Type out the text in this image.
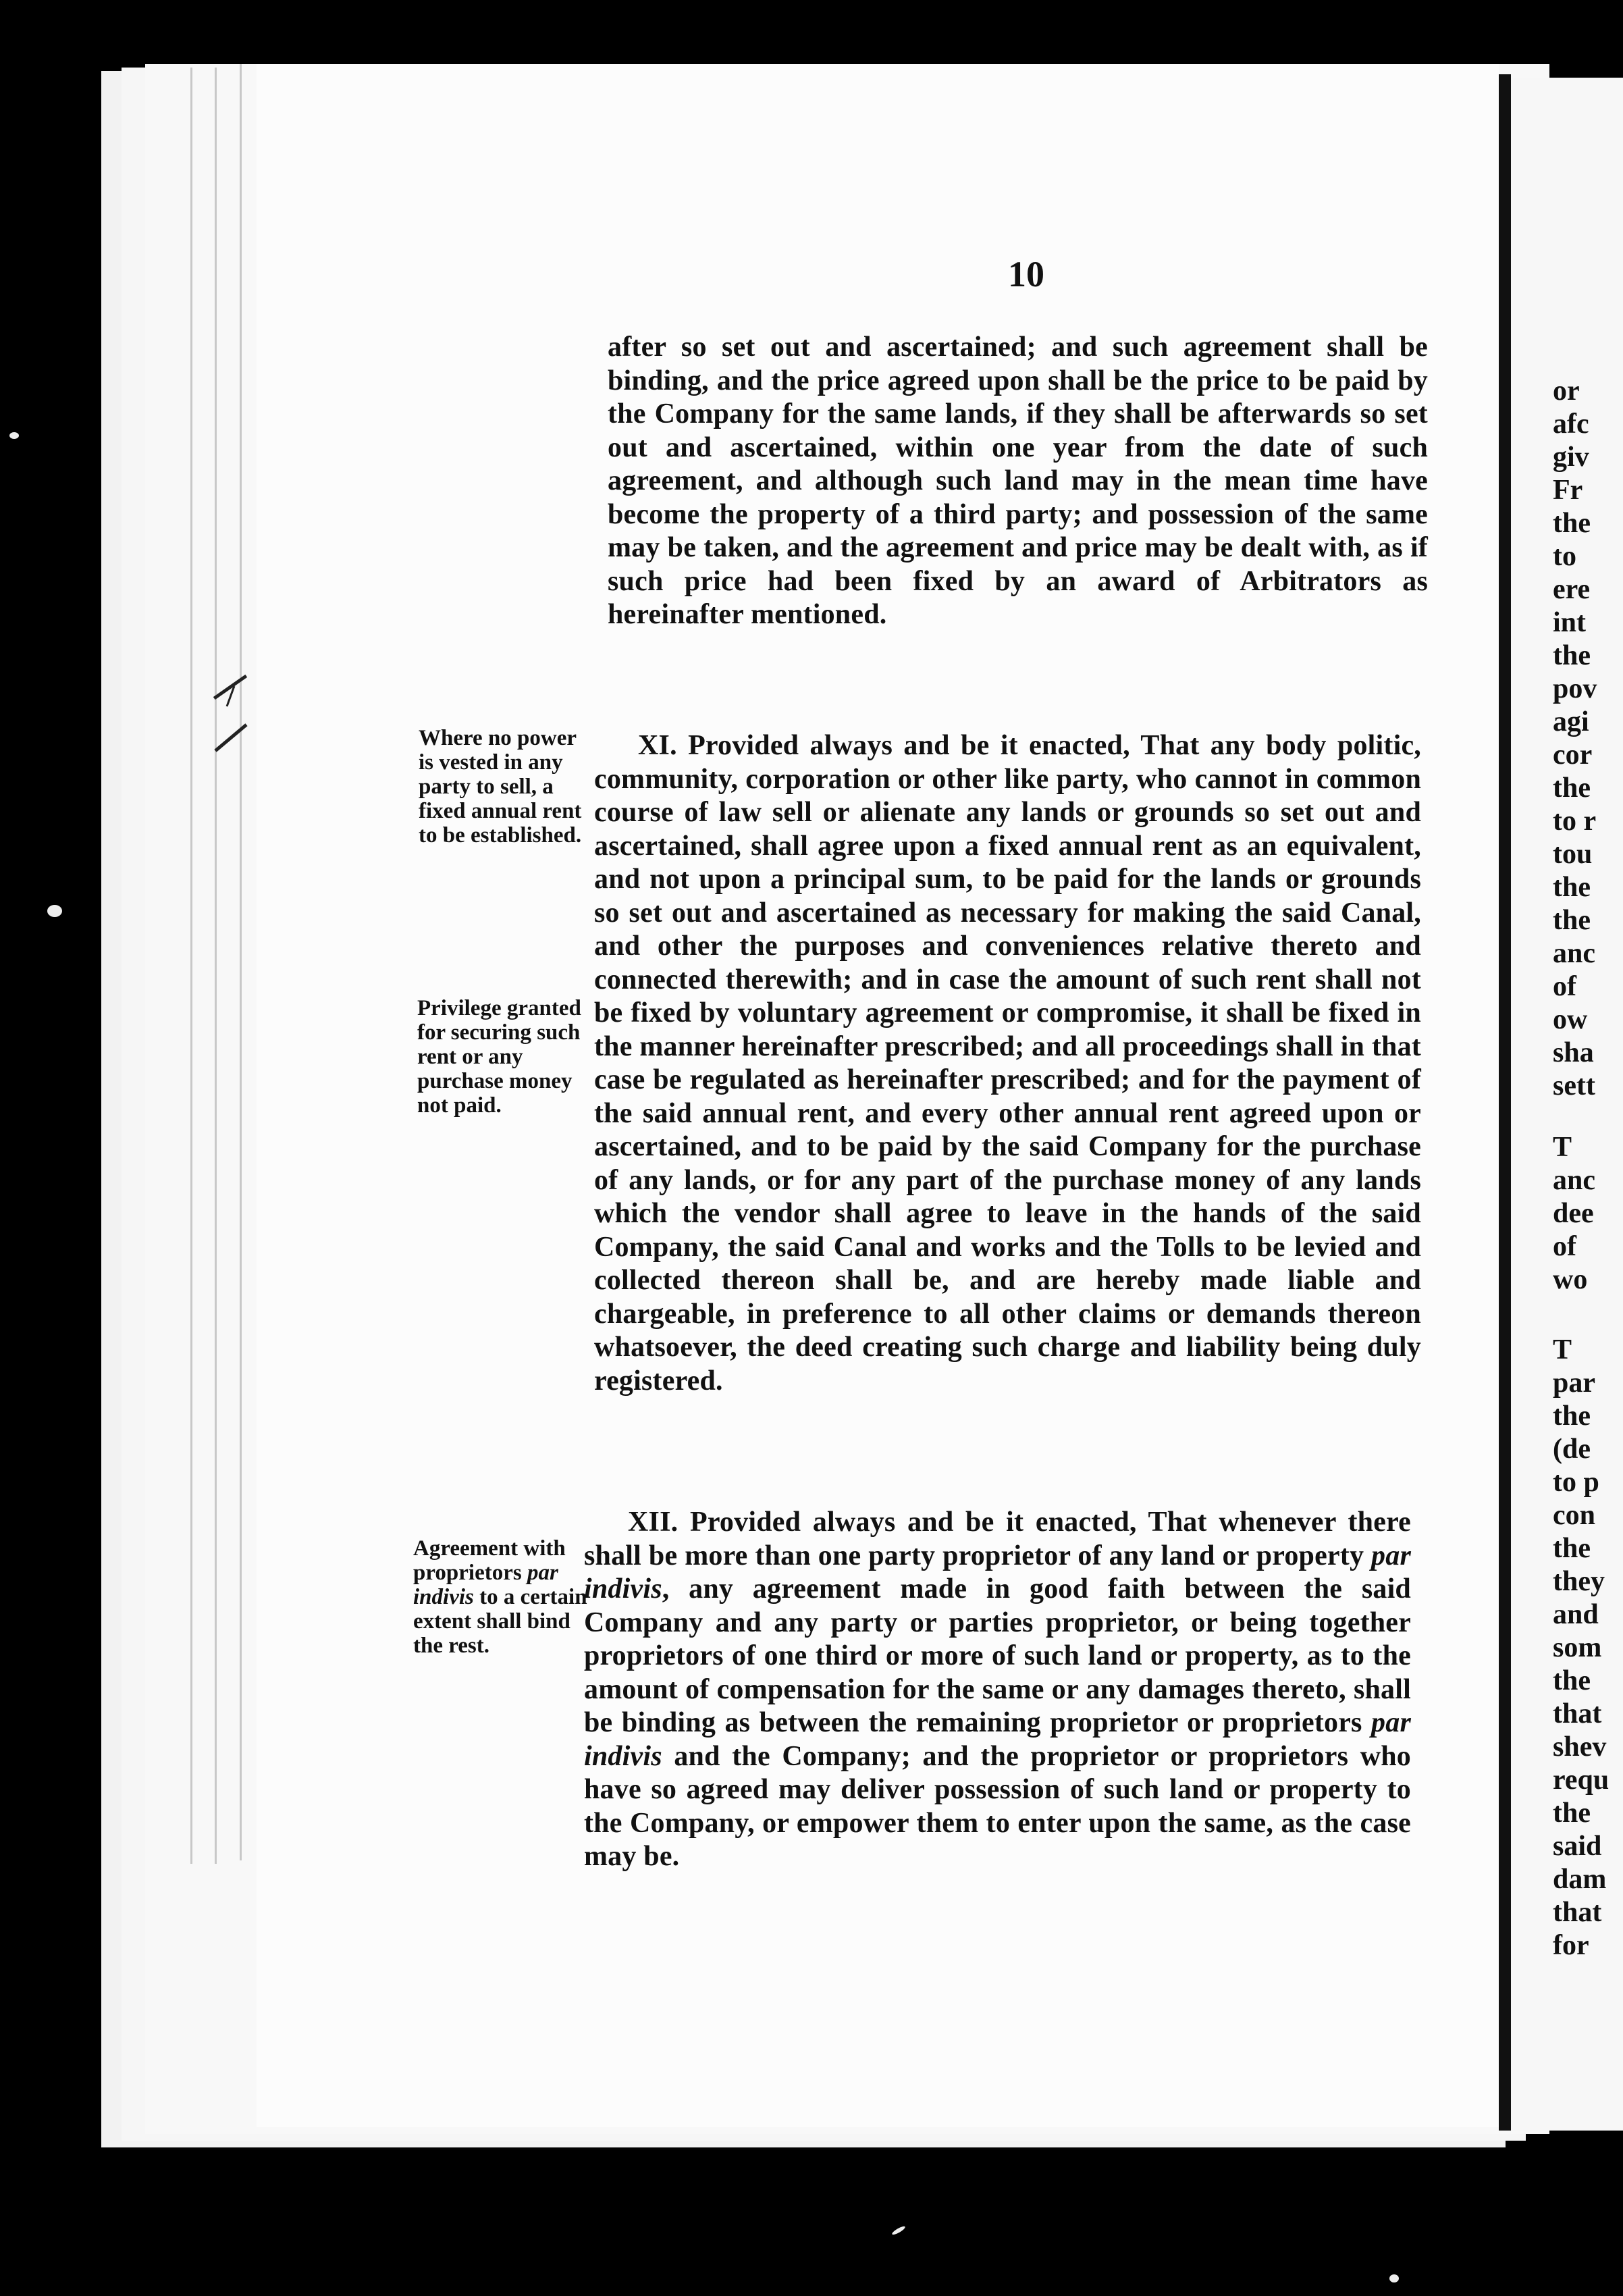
or
afc
giv
Fr
the
to
ere
int
the
pov
agi
cor
the
to r
tou
the
the
anc
of
ow
sha
sett
T
anc
dee
of
wo
T
par
the
(de
to p
con
the
they
and
som
the
that
shev
requ
the
said
dam
that
for
10

after so set out and ascertained; and such agreement shall be binding, and the price agreed upon shall be the price to be paid by the Company for the same lands, if they shall be afterwards so set out and ascertained, within one year from the date of such agreement, and although such land may in the mean time have become the property of a third party; and possession of the same may be taken, and the agreement and price may be dealt with, as if such price had been fixed by an award of Arbitrators as hereinafter mentioned.

Where no power is vested in any party to sell, a fixed annual rent to be established.

XI. Provided always and be it enacted, That any body politic, community, corporation or other like party, who cannot in common course of law sell or alienate any lands or grounds so set out and ascertained, shall agree upon a fixed annual rent as an equivalent, and not upon a principal sum, to be paid for the lands or grounds so set out and ascertained as necessary for making the said Canal, and other the purposes and conveniences relative thereto and connected therewith; and in case the amount of such rent shall not be fixed by voluntary agreement or compromise, it shall be fixed in the manner hereinafter prescribed; and all proceedings shall in that case be regulated as hereinafter prescribed; and for the payment of the said annual rent, and every other annual rent agreed upon or ascertained, and to be paid by the said Company for the purchase of any lands, or for any part of the purchase money of any lands which the vendor shall agree to leave in the hands of the said Company, the said Canal and works and the Tolls to be levied and collected thereon shall be, and are hereby made liable and chargeable, in preference to all other claims or demands thereon whatsoever, the deed creating such charge and liability being duly registered.

Privilege granted for securing such rent or any purchase money not paid.
Agreement with proprietors par indivis to a certain extent shall bind the rest.

XII. Provided always and be it enacted, That whenever there shall be more than one party proprietor of any land or property par indivis, any agreement made in good faith between the said Company and any party or parties proprietor, or being together proprietors of one third or more of such land or property, as to the amount of compensation for the same or any damages thereto, shall be binding as between the remaining proprietor or proprietors par indivis and the Company; and the proprietor or proprietors who have so agreed may deliver possession of such land or property to the Company, or empower them to enter upon the same, as the case may be.
